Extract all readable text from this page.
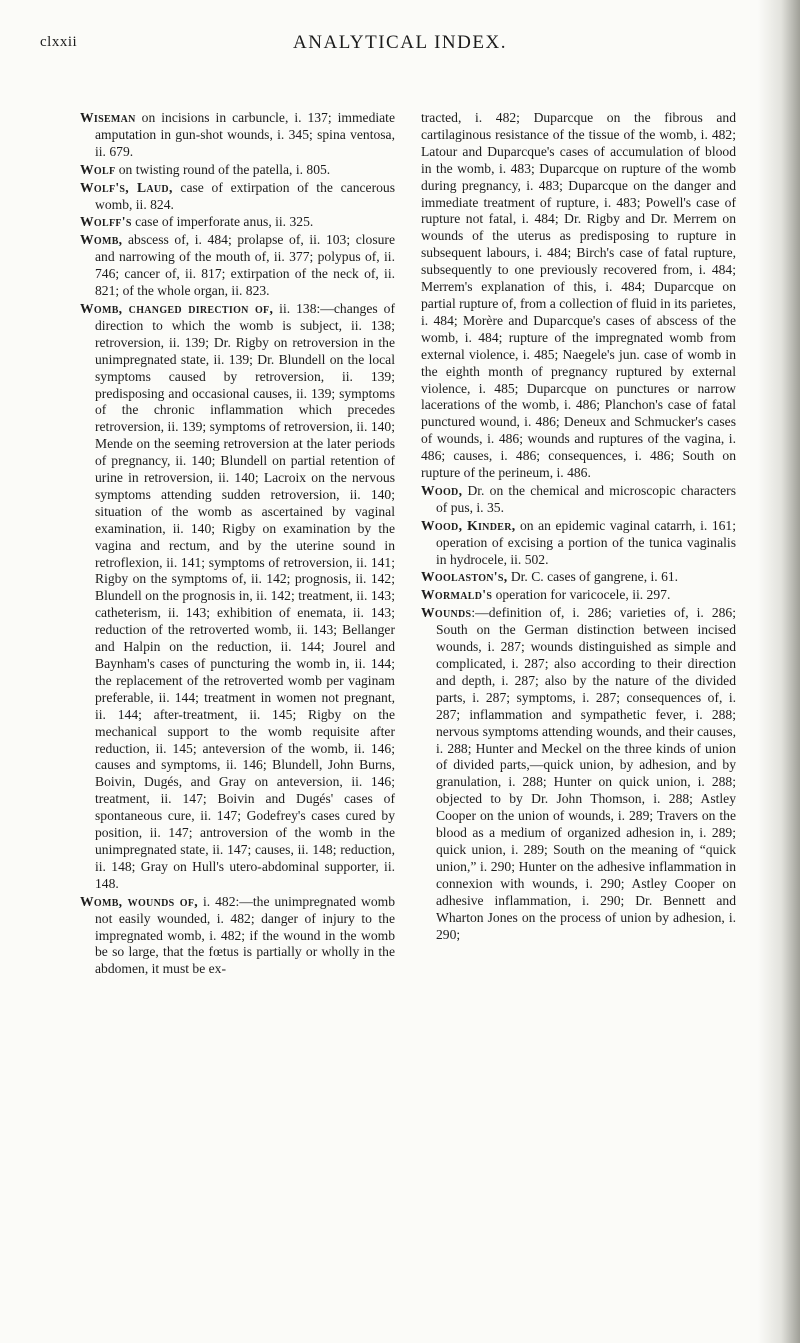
clxxii	ANALYTICAL INDEX.

Wiseman on incisions in carbuncle, i. 137; immediate amputation in gun-shot wounds, i. 345; spina ventosa, ii. 679.

Wolf on twisting round of the patella, i. 805.

Wolf's, Laud, case of extirpation of the cancerous womb, ii. 824.

Wolff's case of imperforate anus, ii. 325.

Womb, abscess of, i. 484; prolapse of, ii. 103; closure and narrowing of the mouth of, ii. 377; polypus of, ii. 746; cancer of, ii. 817; extirpation of the neck of, ii. 821; of the whole organ, ii. 823.

Womb, changed direction of, ii. 138:—changes of direction to which the womb is subject, ii. 138; retroversion, ii. 139; Dr. Rigby on retroversion in the unimpregnated state, ii. 139; Dr. Blundell on the local symptoms caused by retroversion, ii. 139; predisposing and occasional causes, ii. 139; symptoms of the chronic inflammation which precedes retroversion, ii. 139; symptoms of retroversion, ii. 140; Mende on the seeming retroversion at the later periods of pregnancy, ii. 140; Blundell on partial retention of urine in retroversion, ii. 140; Lacroix on the nervous symptoms attending sudden retroversion, ii. 140; situation of the womb as ascertained by vaginal examination, ii. 140; Rigby on examination by the vagina and rectum, and by the uterine sound in retroflexion, ii. 141; symptoms of retroversion, ii. 141; Rigby on the symptoms of, ii. 142; prognosis, ii. 142; Blundell on the prognosis in, ii. 142; treatment, ii. 143; catheterism, ii. 143; exhibition of enemata, ii. 143; reduction of the retroverted womb, ii. 143; Bellanger and Halpin on the reduction, ii. 144; Jourel and Baynham's cases of puncturing the womb in, ii. 144; the replacement of the retroverted womb per vaginam preferable, ii. 144; treatment in women not pregnant, ii. 144; after-treatment, ii. 145; Rigby on the mechanical support to the womb requisite after reduction, ii. 145; anteversion of the womb, ii. 146; causes and symptoms, ii. 146; Blundell, John Burns, Boivin, Dugés, and Gray on anteversion, ii. 146; treatment, ii. 147; Boivin and Dugés' cases of spontaneous cure, ii. 147; Godefrey's cases cured by position, ii. 147; antroversion of the womb in the unimpregnated state, ii. 147; causes, ii. 148; reduction, ii. 148; Gray on Hull's utero-abdominal supporter, ii. 148.

Womb, wounds of, i. 482:—the unimpregnated womb not easily wounded, i. 482; danger of injury to the impregnated womb, i. 482; if the wound in the womb be so large, that the fœtus is partially or wholly in the abdomen, it must be ex-

tracted, i. 482; Duparcque on the fibrous and cartilaginous resistance of the tissue of the womb, i. 482; Latour and Duparcque's cases of accumulation of blood in the womb, i. 483; Duparcque on rupture of the womb during pregnancy, i. 483; Duparcque on the danger and immediate treatment of rupture, i. 483; Powell's case of rupture not fatal, i. 484; Dr. Rigby and Dr. Merrem on wounds of the uterus as predisposing to rupture in subsequent labours, i. 484; Birch's case of fatal rupture, subsequently to one previously recovered from, i. 484; Merrem's explanation of this, i. 484; Duparcque on partial rupture of, from a collection of fluid in its parietes, i. 484; Morère and Duparcque's cases of abscess of the womb, i. 484; rupture of the impregnated womb from external violence, i. 485; Naegele's jun. case of womb in the eighth month of pregnancy ruptured by external violence, i. 485; Duparcque on punctures or narrow lacerations of the womb, i. 486; Planchon's case of fatal punctured wound, i. 486; Deneux and Schmucker's cases of wounds, i. 486; wounds and ruptures of the vagina, i. 486; causes, i. 486; consequences, i. 486; South on rupture of the perineum, i. 486.

Wood, Dr. on the chemical and microscopic characters of pus, i. 35.

Wood, Kinder, on an epidemic vaginal catarrh, i. 161; operation of excising a portion of the tunica vaginalis in hydrocele, ii. 502.

Woolaston's, Dr. C. cases of gangrene, i. 61.

Wormald's operation for varicocele, ii. 297.

Wounds:—definition of, i. 286; varieties of, i. 286; South on the German distinction between incised wounds, i. 287; wounds distinguished as simple and complicated, i. 287; also according to their direction and depth, i. 287; also by the nature of the divided parts, i. 287; symptoms, i. 287; consequences of, i. 287; inflammation and sympathetic fever, i. 288; nervous symptoms attending wounds, and their causes, i. 288; Hunter and Meckel on the three kinds of union of divided parts,—quick union, by adhesion, and by granulation, i. 288; Hunter on quick union, i. 288; objected to by Dr. John Thomson, i. 288; Astley Cooper on the union of wounds, i. 289; Travers on the blood as a medium of organized adhesion in, i. 289; quick union, i. 289; South on the meaning of “quick union,” i. 290; Hunter on the adhesive inflammation in connexion with wounds, i. 290; Astley Cooper on adhesive inflammation, i. 290; Dr. Bennett and Wharton Jones on the process of union by adhesion, i. 290;
